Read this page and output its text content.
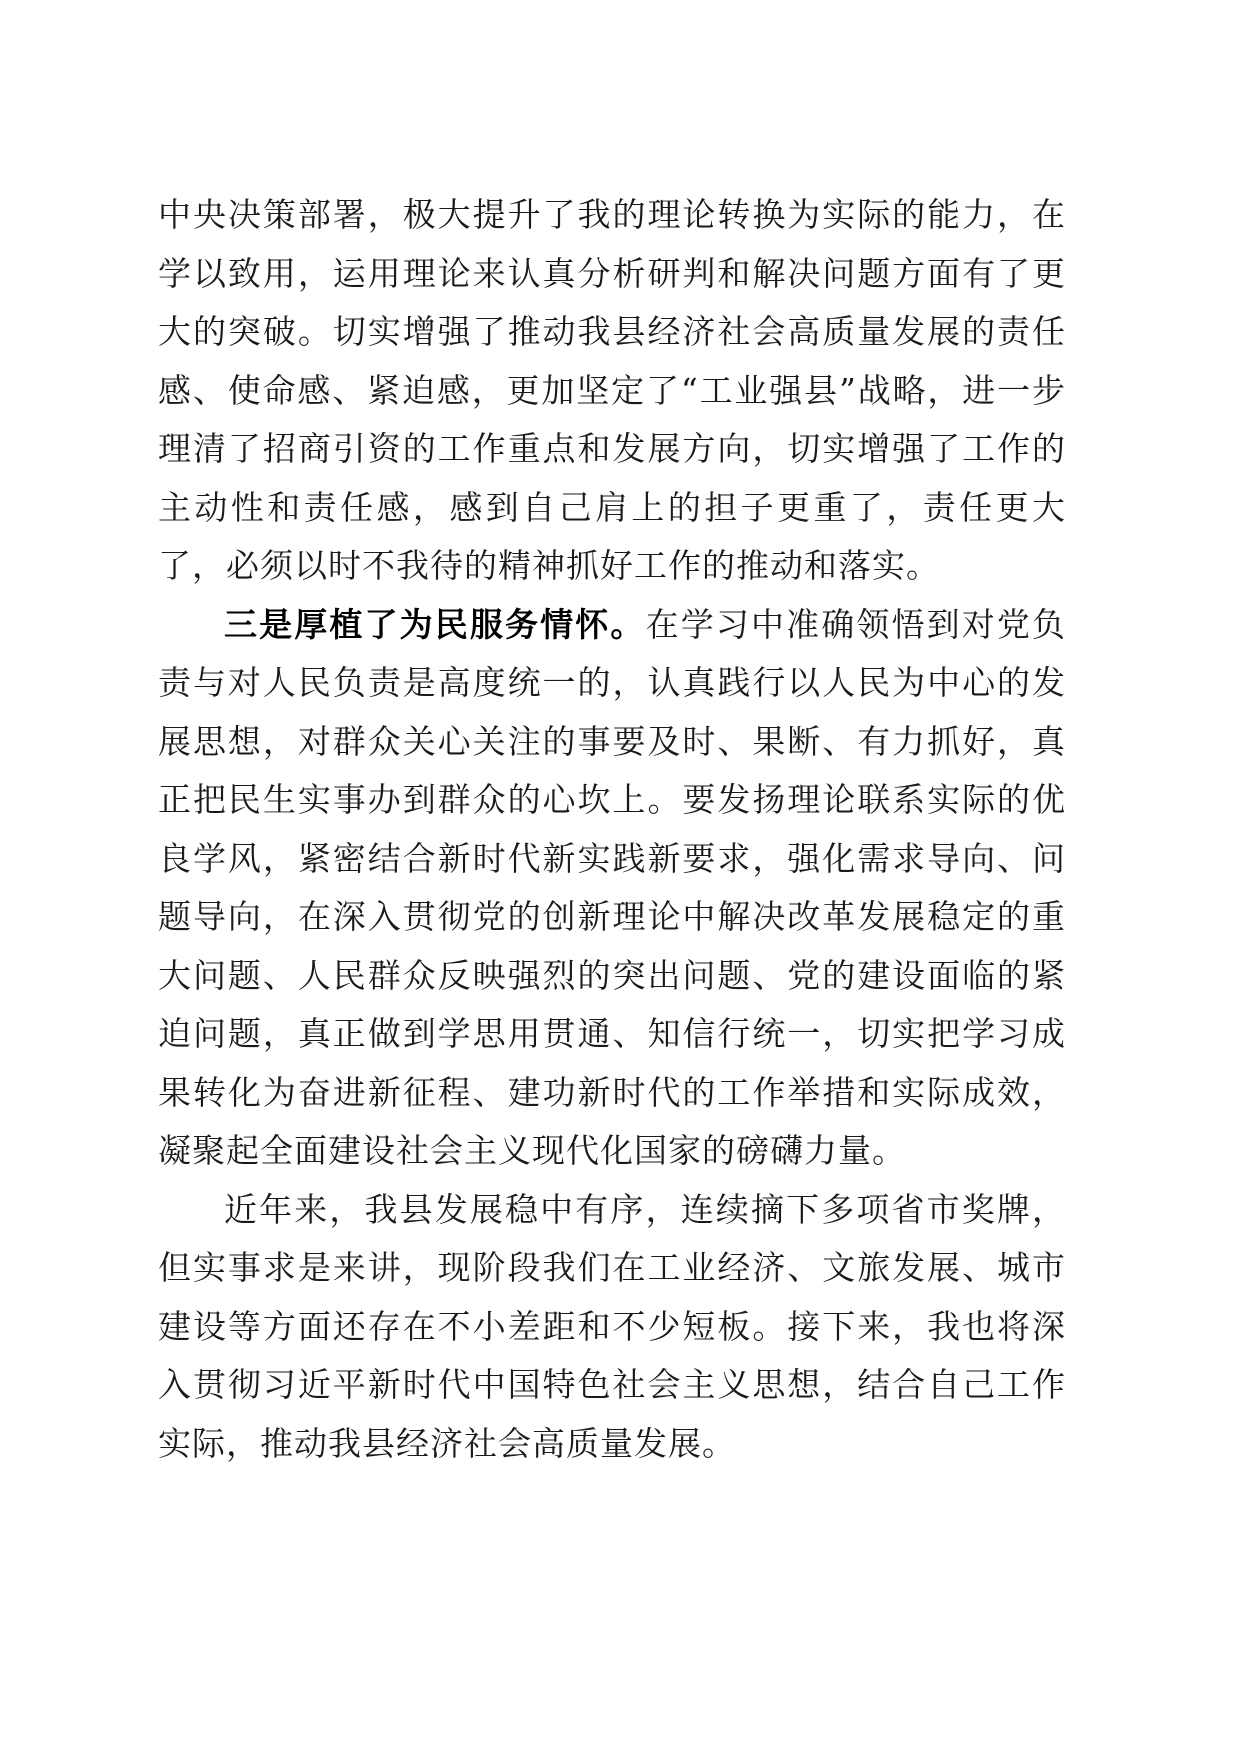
中央决策部署，极大提升了我的理论转换为实际的能力，在学以致用，运用理论来认真分析研判和解决问题方面有了更大的突破。切实增强了推动我县经济社会高质量发展的责任感、使命感、紧迫感，更加坚定了“工业强县”战略，进一步理清了招商引资的工作重点和发展方向，切实增强了工作的主动性和责任感，感到自己肩上的担子更重了，责任更大了，必须以时不我待的精神抓好工作的推动和落实。

三是厚植了为民服务情怀。在学习中准确领悟到对党负责与对人民负责是高度统一的，认真践行以人民为中心的发展思想，对群众关心关注的事要及时、果断、有力抓好，真正把民生实事办到群众的心坎上。要发扬理论联系实际的优良学风，紧密结合新时代新实践新要求，强化需求导向、问题导向，在深入贯彻党的创新理论中解决改革发展稳定的重大问题、人民群众反映强烈的突出问题、党的建设面临的紧迫问题，真正做到学思用贯通、知信行统一，切实把学习成果转化为奋进新征程、建功新时代的工作举措和实际成效，凝聚起全面建设社会主义现代化国家的磅礴力量。

近年来，我县发展稳中有序，连续摘下多项省市奖牌，但实事求是来讲，现阶段我们在工业经济、文旅发展、城市建设等方面还存在不小差距和不少短板。接下来，我也将深入贯彻习近平新时代中国特色社会主义思想，结合自己工作实际，推动我县经济社会高质量发展。
